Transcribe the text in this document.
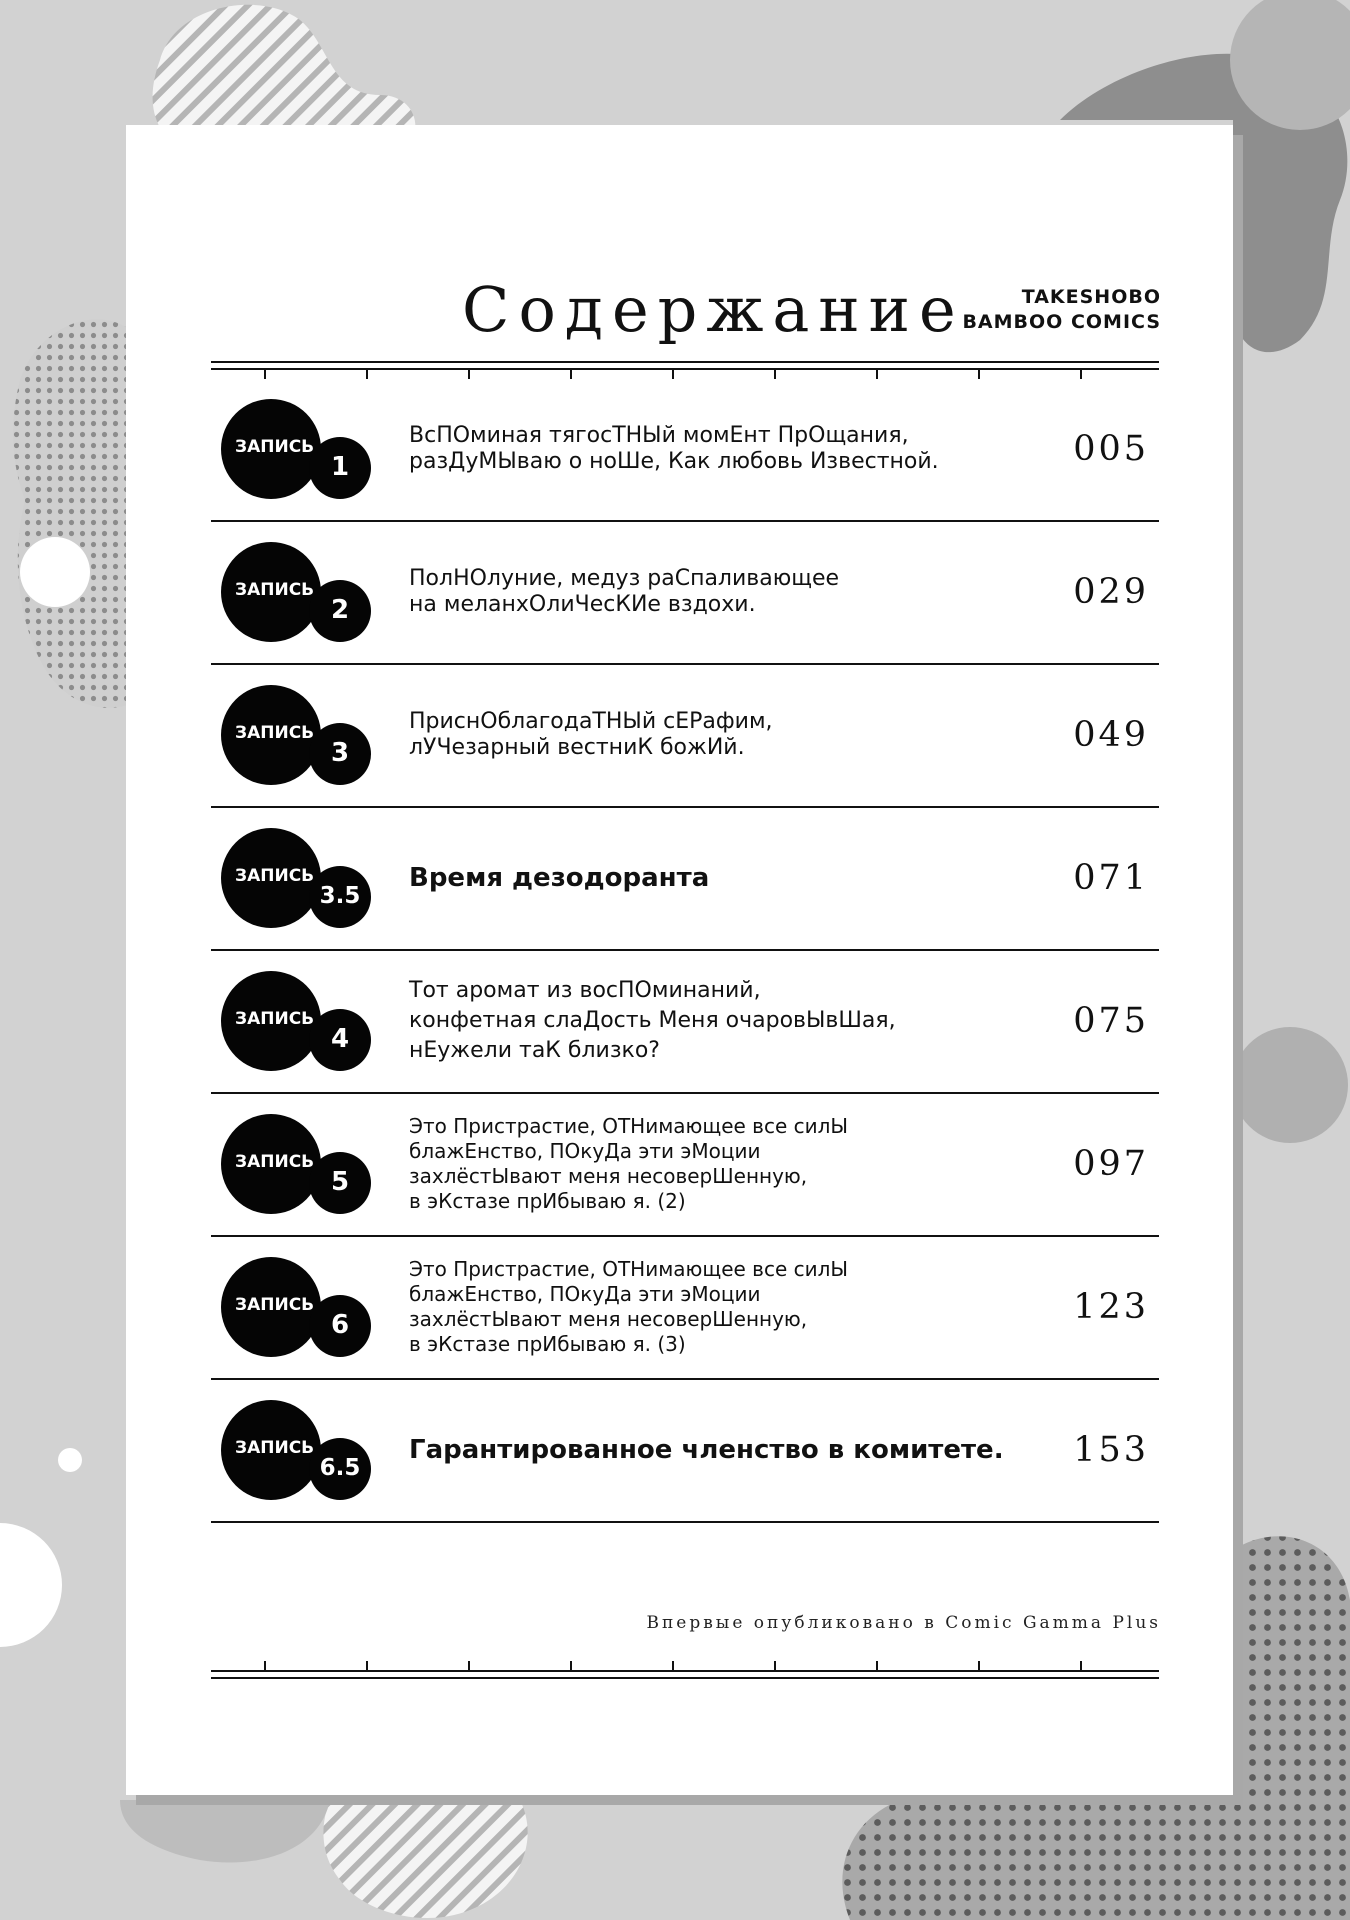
Содержание	TAKESHOBO
BAMBOO COMICS
ЗАПИСЬ
1
ВсПОминая тягосТНЫй момЕнт ПрОщания,
разДуМЫваю о ноШе, Как любовь Известной.	005
ЗАПИСЬ
2
ПолНОлуние, медуз раСпаливающее
на меланхОлиЧесКИе вздохи.	029
ЗАПИСЬ
3
ПриснОблагодаТНЫй сЕРафим,
лУЧезарный вестниК божИй.	049
ЗАПИСЬ
3.5
Время дезодоранта	071
ЗАПИСЬ
4
Тот аромат из восПОминаний,
конфетная слаДость Меня очаровЫвШая,
нЕужели таК близко?
075
ЗАПИСЬ
5
Это Пристрастие, ОТНимающее все силЫ
блажЕнство, ПОкуДа эти эМоции
захлёстЫвают меня несоверШенную,
в эКстазе прИбываю я. (2)
097
ЗАПИСЬ
6
Это Пристрастие, ОТНимающее все силЫ
блажЕнство, ПОкуДа эти эМоции
захлёстЫвают меня несоверШенную,
в эКстазе прИбываю я. (3)
123
ЗАПИСЬ
6.5
Гарантированное членство в комитете. 153
Впервые опубликовано в Comic Gamma Plus
